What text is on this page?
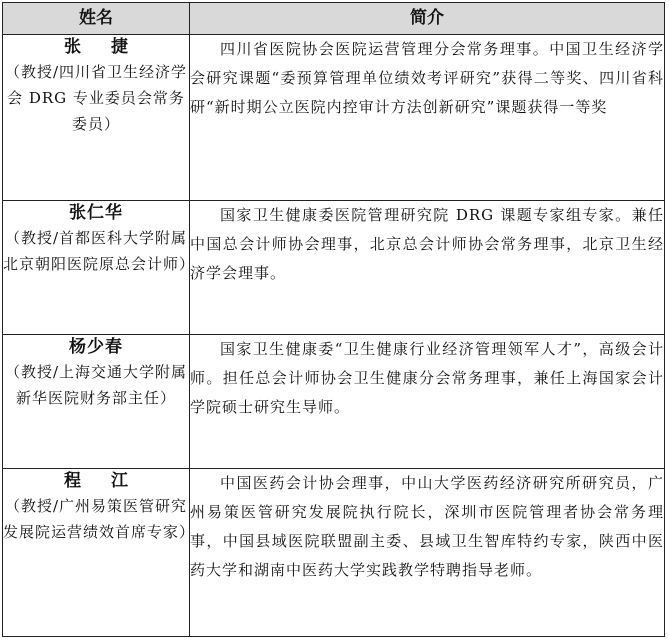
姓名	简介

张 捷
（教授/四川省卫生经济学会 DRG 专业委员会常务委员）	四川省医院协会医院运营管理分会常务理事。中国卫生经济学会研究课题“委预算管理单位绩效考评研究”获得二等奖、四川省科研“新时期公立医院内控审计方法创新研究”课题获得一等奖

张仁华
（教授/首都医科大学附属北京朝阳医院原总会计师）	国家卫生健康委医院管理研究院 DRG 课题专家组专家。兼任中国总会计师协会理事，北京总会计师协会常务理事，北京卫生经济学会理事。

杨少春
（教授/上海交通大学附属新华医院财务部主任）	国家卫生健康委“卫生健康行业经济管理领军人才”，高级会计师。担任总会计师协会卫生健康分会常务理事，兼任上海国家会计学院硕士研究生导师。

程 江
（教授/广州易策医管研究发展院运营绩效首席专家）	中国医药会计协会理事，中山大学医药经济研究所研究员，广州易策医管研究发展院执行院长，深圳市医院管理者协会常务理事，中国县域医院联盟副主委、县域卫生智库特约专家，陕西中医药大学和湖南中医药大学实践教学特聘指导老师。
